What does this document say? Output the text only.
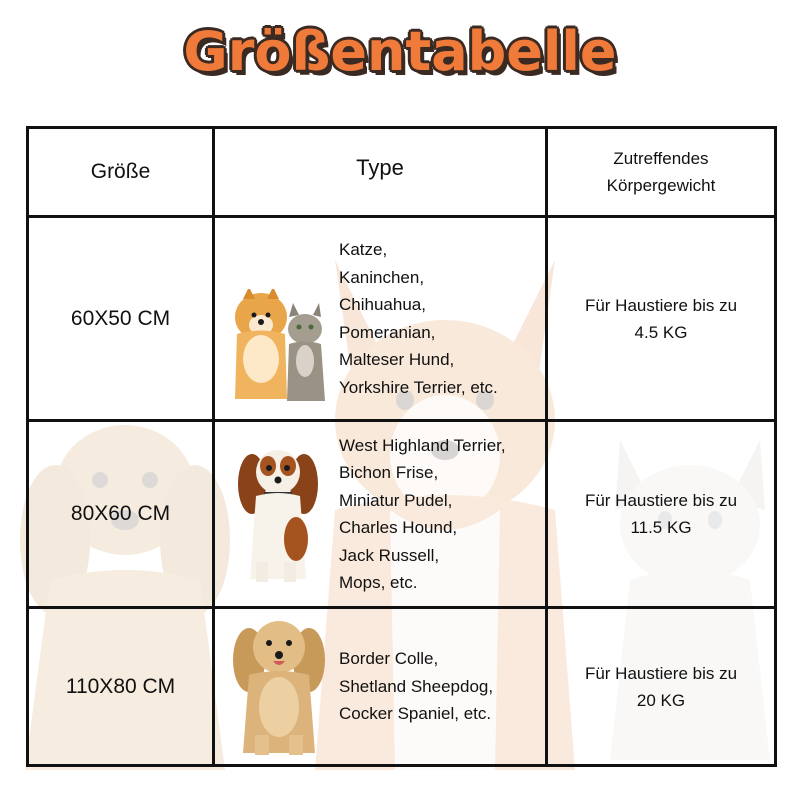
Größentabelle
Größe	Type	Zutreffendes
Körpergewicht
60X50 CM
Katze,
Kaninchen,
Chihuahua,
Pomeranian,
Malteser Hund,
Yorkshire Terrier, etc.
Für Haustiere bis zu
4.5 KG
80X60 CM
West Highland Terrier,
Bichon Frise,
Miniatur Pudel,
Charles Hound,
Jack Russell,
Mops, etc.
Für Haustiere bis zu
11.5 KG
110X80 CM
Border Colle,
Shetland Sheepdog,
Cocker Spaniel, etc.
Für Haustiere bis zu
20 KG
